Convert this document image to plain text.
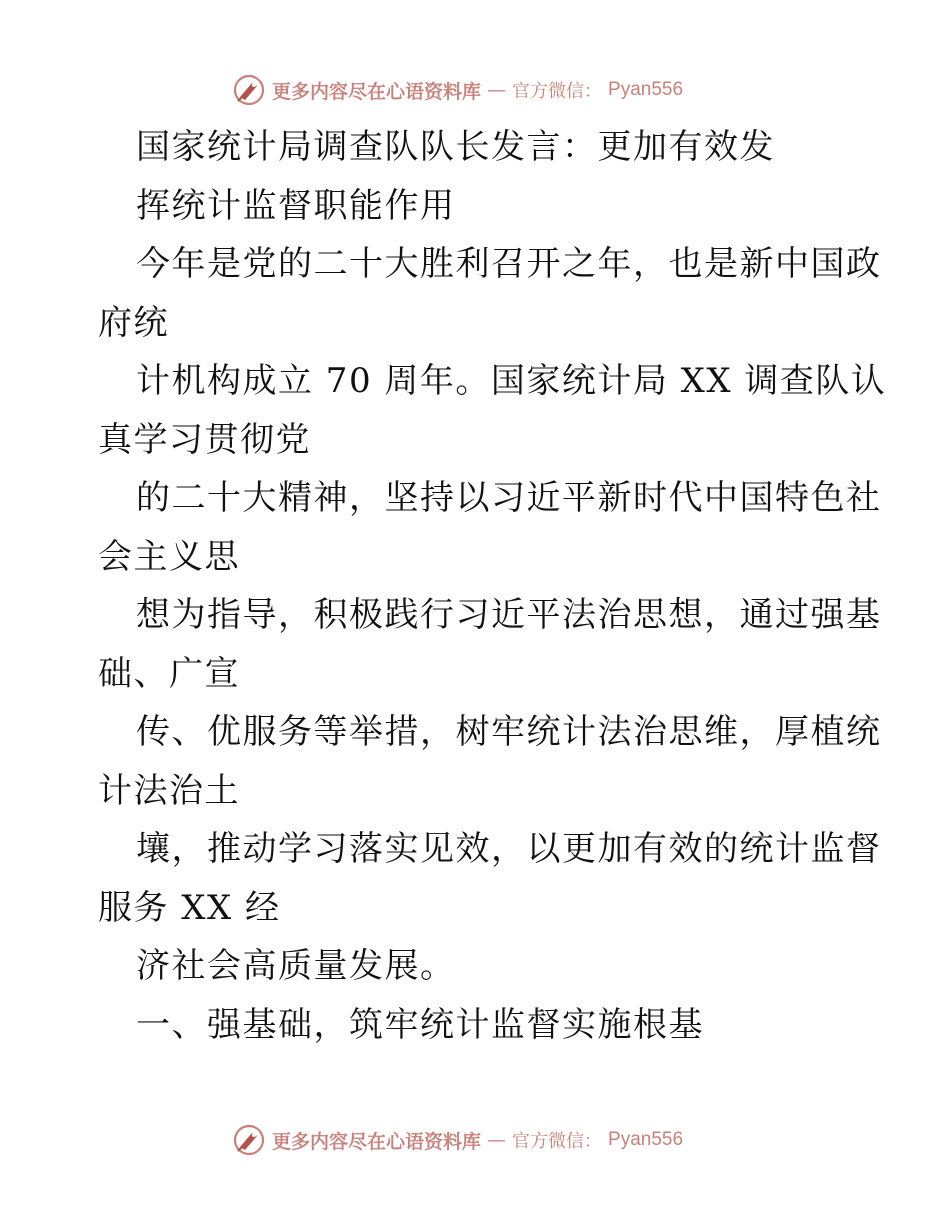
更多内容尽在心语资料库 — 官方微信： Pyan556
国家统计局调查队队长发言：更加有效发
挥统计监督职能作用
今年是党的二十大胜利召开之年，也是新中国政
府统
计机构成立 70 周年。国家统计局 XX 调查队认
真学习贯彻党
的二十大精神，坚持以习近平新时代中国特色社
会主义思
想为指导，积极践行习近平法治思想，通过强基
础、广宣
传、优服务等举措，树牢统计法治思维，厚植统
计法治土
壤，推动学习落实见效，以更加有效的统计监督
服务 XX 经
济社会高质量发展。
一、强基础，筑牢统计监督实施根基
更多内容尽在心语资料库 — 官方微信： Pyan556
